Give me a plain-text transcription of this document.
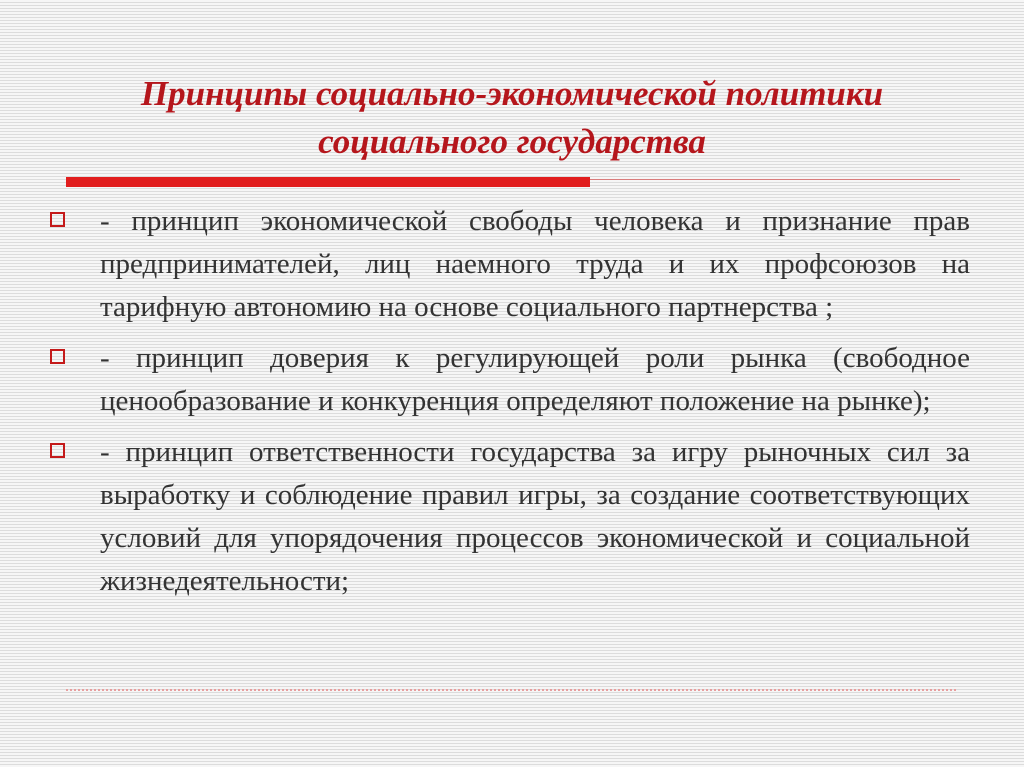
Принципы социально-экономической политики
социального государства
- принцип экономической свободы человека и признание прав предпринимателей, лиц наемного труда и их профсоюзов на тарифную автономию на основе социального партнерства ;
- принцип доверия к регулирующей роли рынка (свободное ценообразование и конкуренция определяют положение на рынке);
- принцип ответственности государства за игру рыночных сил за выработку и соблюдение правил игры, за создание соответствующих условий для упорядочения процессов экономической и социальной жизнедеятельности;
